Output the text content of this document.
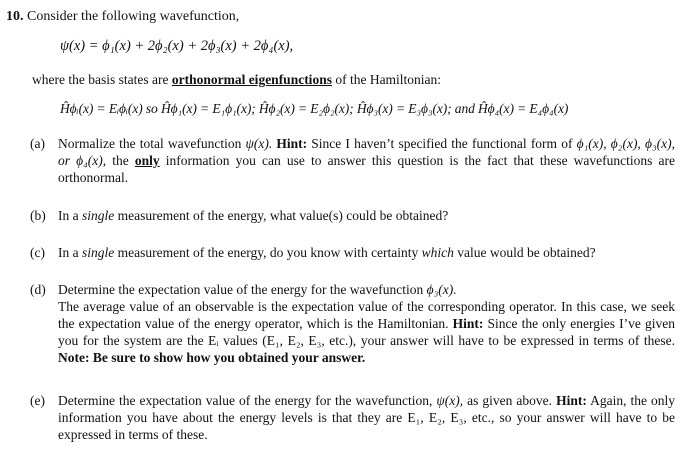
10. Consider the following wavefunction,
ψ(x) = ϕ₁(x) + 2ϕ₂(x) + 2ϕ₃(x) + 2ϕ₄(x),
where the basis states are orthonormal eigenfunctions of the Hamiltonian:
Ĥϕᵢ(x) = Eᵢϕᵢ(x) so Ĥϕ₁(x) = E₁ϕ₁(x); Ĥϕ₂(x) = E₂ϕ₂(x); Ĥϕ₃(x) = E₃ϕ₃(x); and Ĥϕ₄(x) = E₄ϕ₄(x)
(a) Normalize the total wavefunction ψ(x). Hint: Since I haven’t specified the functional form of ϕ₁(x), ϕ₂(x), ϕ₃(x), or ϕ₄(x), the only information you can use to answer this question is the fact that these wavefunctions are orthonormal.
(b) In a single measurement of the energy, what value(s) could be obtained?
(c) In a single measurement of the energy, do you know with certainty which value would be obtained?
(d) Determine the expectation value of the energy for the wavefunction ϕ₃(x).
The average value of an observable is the expectation value of the corresponding operator. In this case, we seek the expectation value of the energy operator, which is the Hamiltonian. Hint: Since the only energies I’ve given you for the system are the Eᵢ values (E₁, E₂, E₃, etc.), your answer will have to be expressed in terms of these. Note: Be sure to show how you obtained your answer.
(e) Determine the expectation value of the energy for the wavefunction, ψ(x), as given above. Hint: Again, the only information you have about the energy levels is that they are E₁, E₂, E₃, etc., so your answer will have to be expressed in terms of these.
